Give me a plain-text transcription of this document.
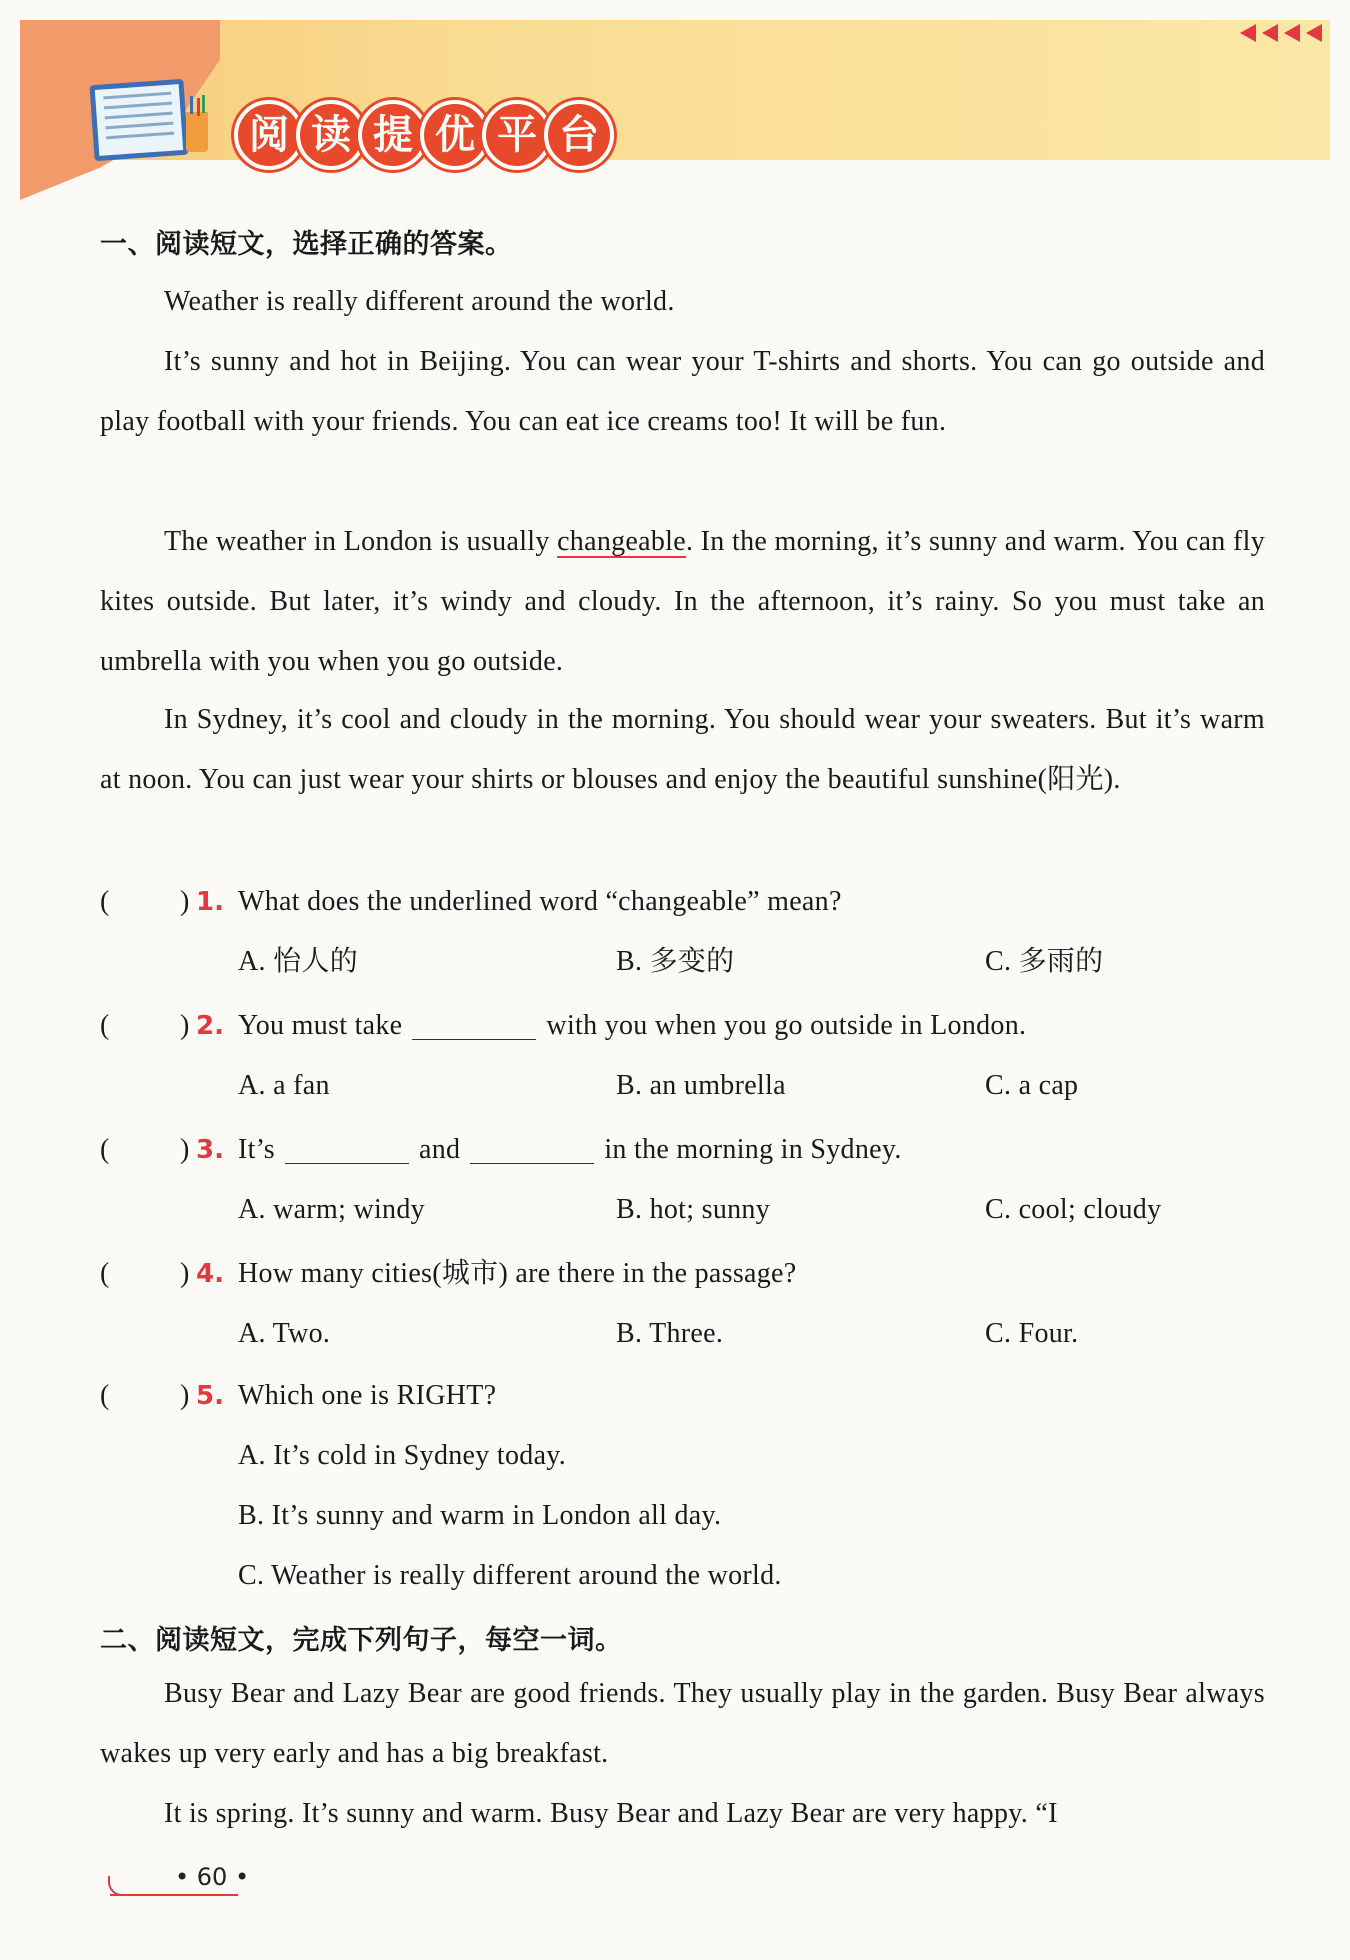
阅 读 提 优 平 台
一、阅读短文，选择正确的答案。

Weather is really different around the world.

It’s sunny and hot in Beijing. You can wear your T-shirts and shorts. You can go outside and play football with your friends. You can eat ice creams too! It will be fun.

The weather in London is usually changeable. In the morning, it’s sunny and warm. You can fly kites outside. But later, it’s windy and cloudy. In the afternoon, it’s rainy. So you must take an umbrella with you when you go outside.

In Sydney, it’s cool and cloudy in the morning. You should wear your sweaters. But it’s warm at noon. You can just wear your shirts or blouses and enjoy the beautiful sunshine(阳光).

(	) 1. What does the underlined word “changeable” mean?
A. 怡人的	B. 多变的	C. 多雨的
(	) 2. You must take	with you when you go outside in London.
A. a fan	B. an umbrella	C. a cap
(	) 3. It’s	and	in the morning in Sydney.
A. warm; windy	B. hot; sunny	C. cool; cloudy
(	) 4. How many cities(城市) are there in the passage?
A. Two.	B. Three.	C. Four.
(	) 5. Which one is RIGHT?
A. It’s cold in Sydney today.
B. It’s sunny and warm in London all day.
C. Weather is really different around the world.
二、阅读短文，完成下列句子，每空一词。

Busy Bear and Lazy Bear are good friends. They usually play in the garden. Busy Bear always wakes up very early and has a big breakfast.

It is spring. It’s sunny and warm. Busy Bear and Lazy Bear are very happy. “I

• 60 •
